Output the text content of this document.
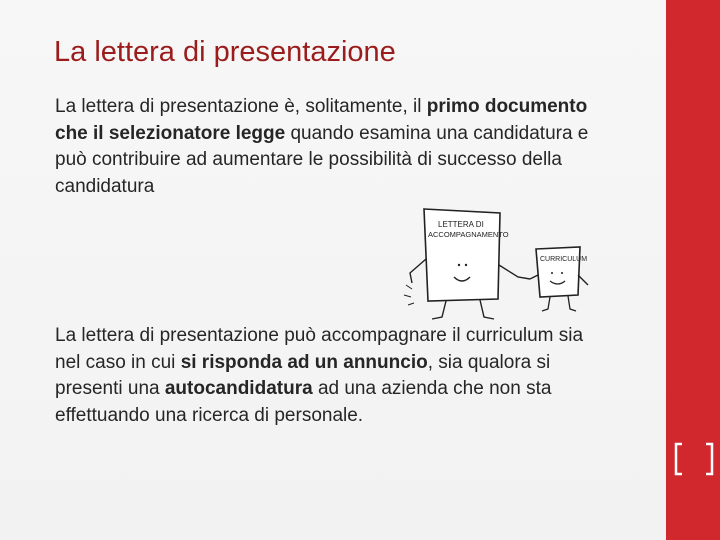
La lettera di presentazione
La lettera di presentazione è, solitamente, il primo documento che il selezionatore legge quando esamina una candidatura e può contribuire ad aumentare le possibilità di successo della candidatura
LETTERA DI
ACCOMPAGNAMENTO
CURRICULUM
La lettera di presentazione può accompagnare il curriculum sia nel caso in cui si risponda ad un annuncio, sia qualora si presenti una autocandidatura ad una azienda che non sta effettuando una ricerca di personale.
